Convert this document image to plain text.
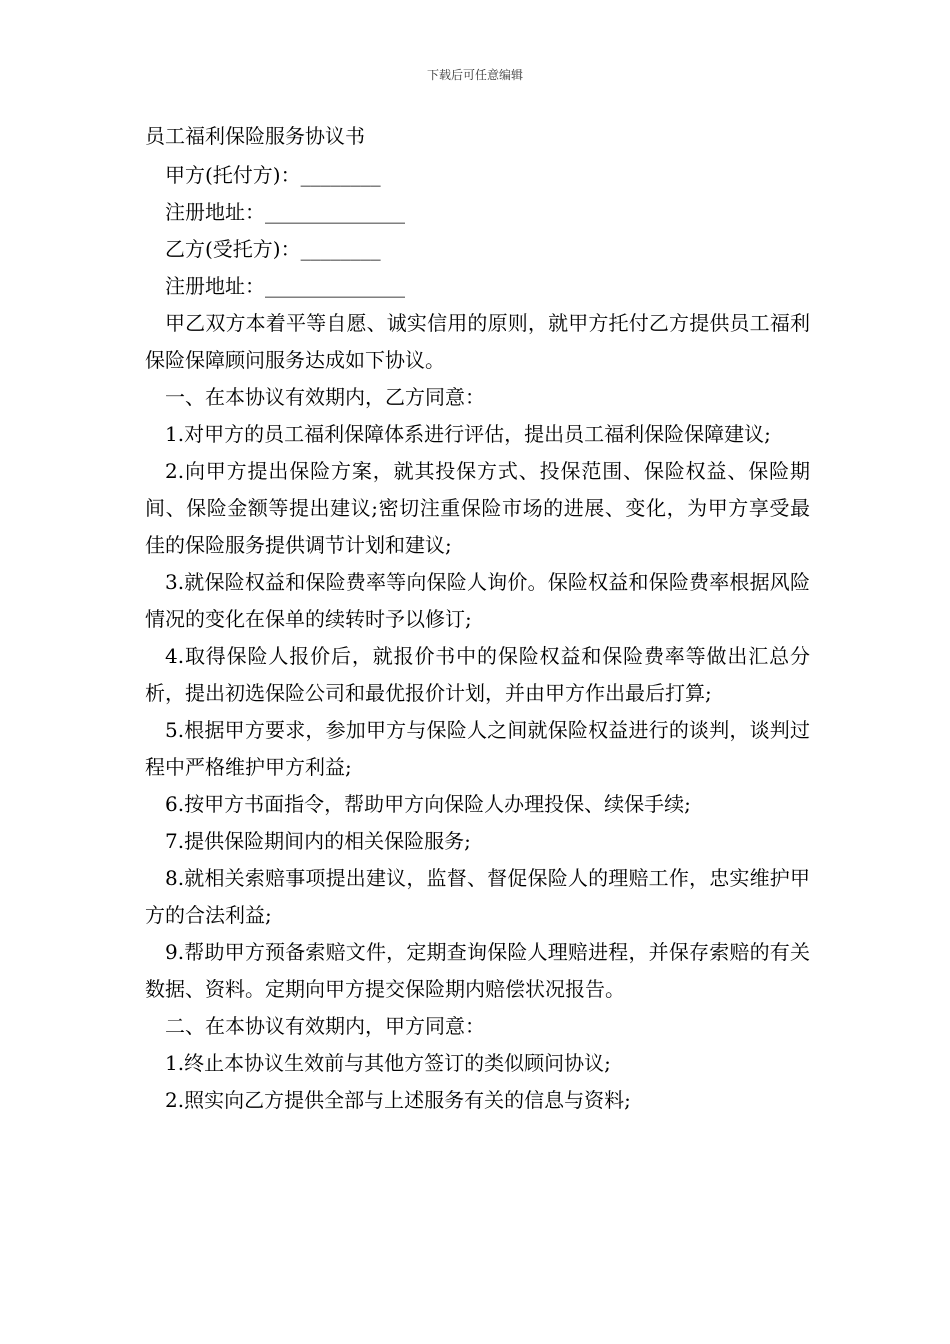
下载后可任意编辑
员工福利保险服务协议书
甲方(托付方)：________
注册地址：______________
乙方(受托方)：________
注册地址：______________
甲乙双方本着平等自愿、诚实信用的原则，就甲方托付乙方提供员工福利保险保障顾问服务达成如下协议。
一、在本协议有效期内，乙方同意：
1.对甲方的员工福利保障体系进行评估，提出员工福利保险保障建议;
2.向甲方提出保险方案，就其投保方式、投保范围、保险权益、保险期间、保险金额等提出建议;密切注重保险市场的进展、变化，为甲方享受最佳的保险服务提供调节计划和建议;
3.就保险权益和保险费率等向保险人询价。保险权益和保险费率根据风险情况的变化在保单的续转时予以修订;
4.取得保险人报价后，就报价书中的保险权益和保险费率等做出汇总分析，提出初选保险公司和最优报价计划，并由甲方作出最后打算;
5.根据甲方要求，参加甲方与保险人之间就保险权益进行的谈判，谈判过程中严格维护甲方利益;
6.按甲方书面指令，帮助甲方向保险人办理投保、续保手续;
7.提供保险期间内的相关保险服务;
8.就相关索赔事项提出建议，监督、督促保险人的理赔工作，忠实维护甲方的合法利益;
9.帮助甲方预备索赔文件，定期查询保险人理赔进程，并保存索赔的有关数据、资料。定期向甲方提交保险期内赔偿状况报告。
二、在本协议有效期内，甲方同意：
1.终止本协议生效前与其他方签订的类似顾问协议;
2.照实向乙方提供全部与上述服务有关的信息与资料;
